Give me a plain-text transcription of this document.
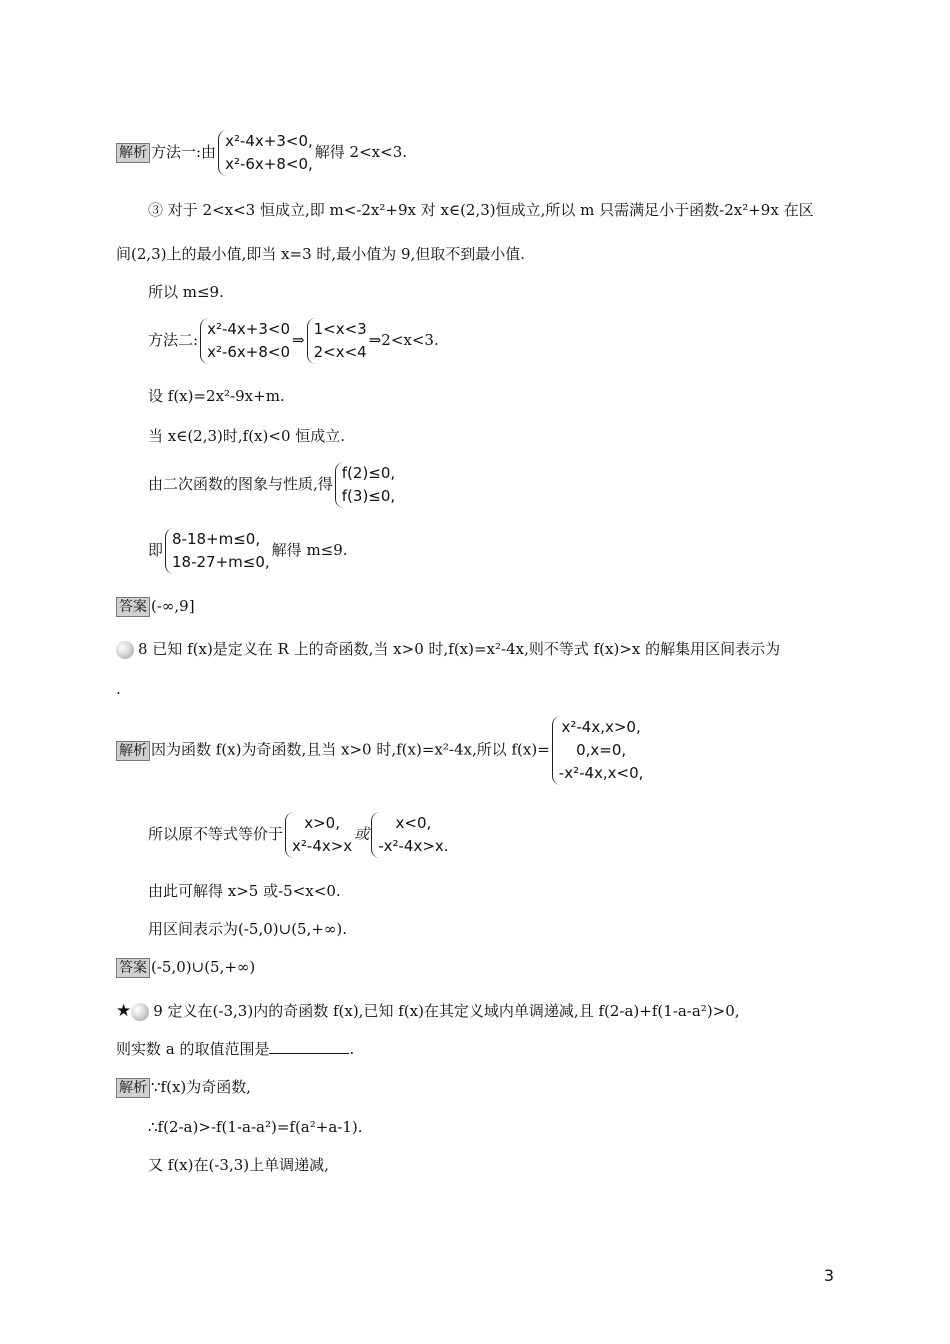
解析 方法一:由
x²-4x+3<0,
x²-6x+8<0,
解得 2<x<3.
③ 对于 2<x<3 恒成立,即 m<-2x²+9x 对 x∈(2,3)恒成立,所以 m 只需满足小于函数-2x²+9x 在区
间(2,3)上的最小值,即当 x=3 时,最小值为 9,但取不到最小值.
所以 m≤9.
方法二:
x²-4x+3<0
x²-6x+8<0
⇒
1<x<3
2<x<4
⇒2<x<3.
设 f(x)=2x²-9x+m.
当 x∈(2,3)时,f(x)<0 恒成立.
由二次函数的图象与性质,得
f(2)≤0,
f(3)≤0,
即
8-18+m≤0,
18-27+m≤0,
解得 m≤9.
答案 (-∞,9]
8 已知 f(x)是定义在 R 上的奇函数,当 x>0 时,f(x)=x²-4x,则不等式 f(x)>x 的解集用区间表示为
.
解析 因为函数 f(x)为奇函数,且当 x>0 时,f(x)=x²-4x,所以 f(x)=
x²-4x,x>0,
0,x=0,
-x²-4x,x<0,
所以原不等式等价于
x>0,
x²-4x>x
或
x<0,
-x²-4x>x.
由此可解得 x>5 或-5<x<0.
用区间表示为(-5,0)∪(5,+∞).
答案 (-5,0)∪(5,+∞)
★ 9 定义在(-3,3)内的奇函数 f(x),已知 f(x)在其定义域内单调递减,且 f(2-a)+f(1-a-a²)>0,
则实数 a 的取值范围是	.
解析 ∵f(x)为奇函数,
∴f(2-a)>-f(1-a-a²)=f(a²+a-1).
又 f(x)在(-3,3)上单调递减,
3
